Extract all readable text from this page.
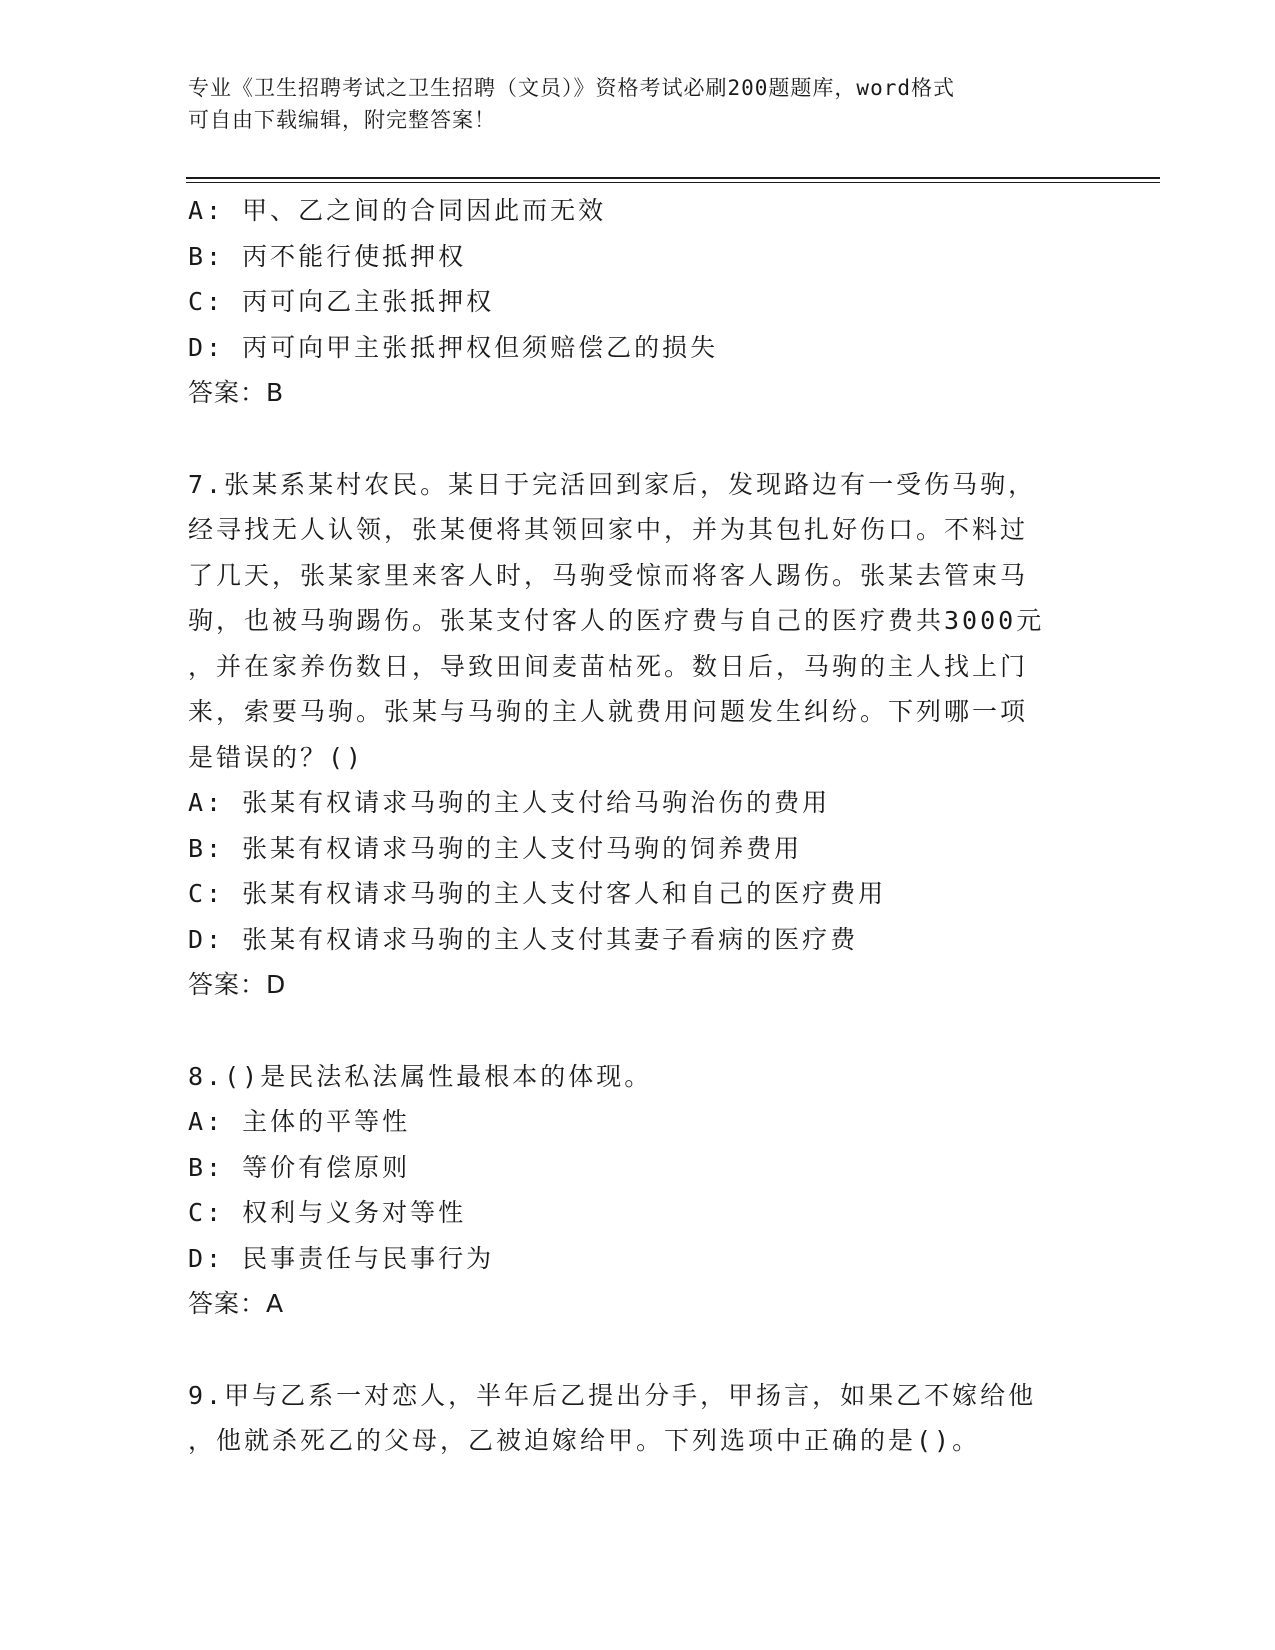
专业《卫生招聘考试之卫生招聘（文员）》资格考试必刷200题题库，word格式
可自由下载编辑，附完整答案！
A: 甲、乙之间的合同因此而无效
B: 丙不能行使抵押权
C: 丙可向乙主张抵押权
D: 丙可向甲主张抵押权但须赔偿乙的损失
答案：B
7.张某系某村农民。某日于完活回到家后，发现路边有一受伤马驹，
经寻找无人认领，张某便将其领回家中，并为其包扎好伤口。不料过
了几天，张某家里来客人时，马驹受惊而将客人踢伤。张某去管束马
驹，也被马驹踢伤。张某支付客人的医疗费与自己的医疗费共3000元
，并在家养伤数日，导致田间麦苗枯死。数日后，马驹的主人找上门
来，索要马驹。张某与马驹的主人就费用问题发生纠纷。下列哪一项
是错误的？()
A: 张某有权请求马驹的主人支付给马驹治伤的费用
B: 张某有权请求马驹的主人支付马驹的饲养费用
C: 张某有权请求马驹的主人支付客人和自己的医疗费用
D: 张某有权请求马驹的主人支付其妻子看病的医疗费
答案：D
8.()是民法私法属性最根本的体现。
A: 主体的平等性
B: 等价有偿原则
C: 权利与义务对等性
D: 民事责任与民事行为
答案：A
9.甲与乙系一对恋人，半年后乙提出分手，甲扬言，如果乙不嫁给他
，他就杀死乙的父母，乙被迫嫁给甲。下列选项中正确的是()。
